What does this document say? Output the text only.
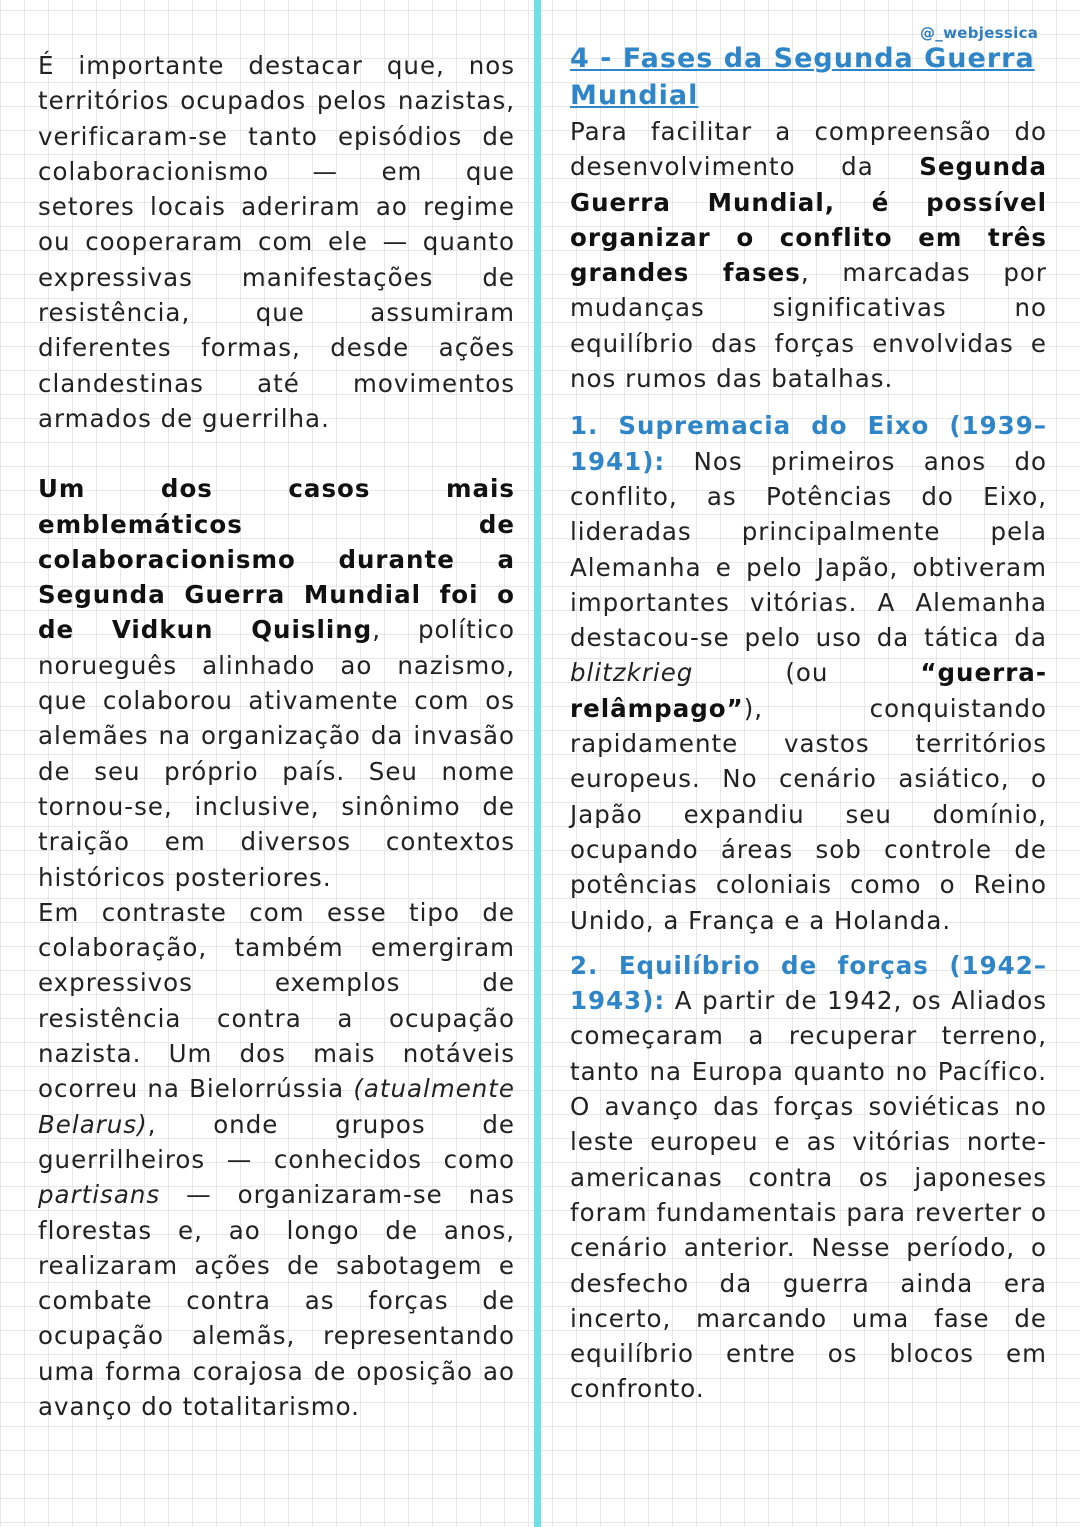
@_webjessica

É importante destacar que, nos territórios ocupados pelos nazistas, verificaram-se tanto episódios de colaboracionismo — em que setores locais aderiram ao regime ou cooperaram com ele — quanto expressivas manifestações de resistência, que assumiram diferentes formas, desde ações clandestinas até movimentos armados de guerrilha.

Um dos casos mais emblemáticos de colaboracionismo durante a Segunda Guerra Mundial foi o de Vidkun Quisling, político norueguês alinhado ao nazismo, que colaborou ativamente com os alemães na organização da invasão de seu próprio país. Seu nome tornou-se, inclusive, sinônimo de traição em diversos contextos históricos posteriores.

Em contraste com esse tipo de colaboração, também emergiram expressivos exemplos de resistência contra a ocupação nazista. Um dos mais notáveis ocorreu na Bielorrússia (atualmente Belarus), onde grupos de guerrilheiros — conhecidos como partisans — organizaram-se nas florestas e, ao longo de anos, realizaram ações de sabotagem e combate contra as forças de ocupação alemãs, representando uma forma corajosa de oposição ao avanço do totalitarismo.

4 - Fases da Segunda Guerra Mundial

Para facilitar a compreensão do desenvolvimento da Segunda Guerra Mundial, é possível organizar o conflito em três grandes fases, marcadas por mudanças significativas no equilíbrio das forças envolvidas e nos rumos das batalhas.

1. Supremacia do Eixo (1939–1941): Nos primeiros anos do conflito, as Potências do Eixo, lideradas principalmente pela Alemanha e pelo Japão, obtiveram importantes vitórias. A Alemanha destacou-se pelo uso da tática da blitzkrieg (ou “guerra-relâmpago”), conquistando rapidamente vastos territórios europeus. No cenário asiático, o Japão expandiu seu domínio, ocupando áreas sob controle de potências coloniais como o Reino Unido, a França e a Holanda.

2. Equilíbrio de forças (1942–1943): A partir de 1942, os Aliados começaram a recuperar terreno, tanto na Europa quanto no Pacífico. O avanço das forças soviéticas no leste europeu e as vitórias norte-americanas contra os japoneses foram fundamentais para reverter o cenário anterior. Nesse período, o desfecho da guerra ainda era incerto, marcando uma fase de equilíbrio entre os blocos em confronto.
